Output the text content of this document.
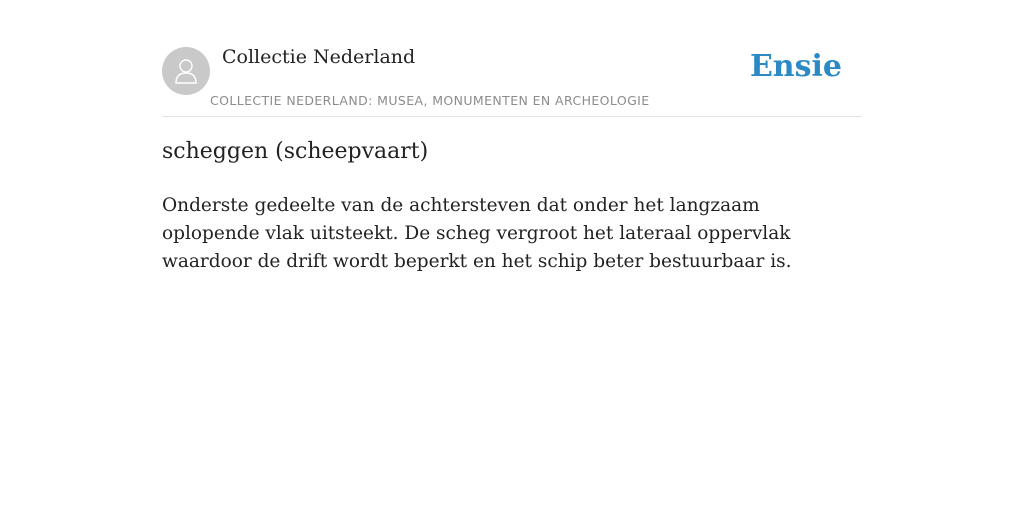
Collectie Nederland
COLLECTIE NEDERLAND: MUSEA, MONUMENTEN EN ARCHEOLOGIE
Ensie
scheggen (scheepvaart)

Onderste gedeelte van de achtersteven dat onder het langzaam oplopende vlak uitsteekt. De scheg vergroot het lateraal oppervlak waardoor de drift wordt beperkt en het schip beter bestuurbaar is.
